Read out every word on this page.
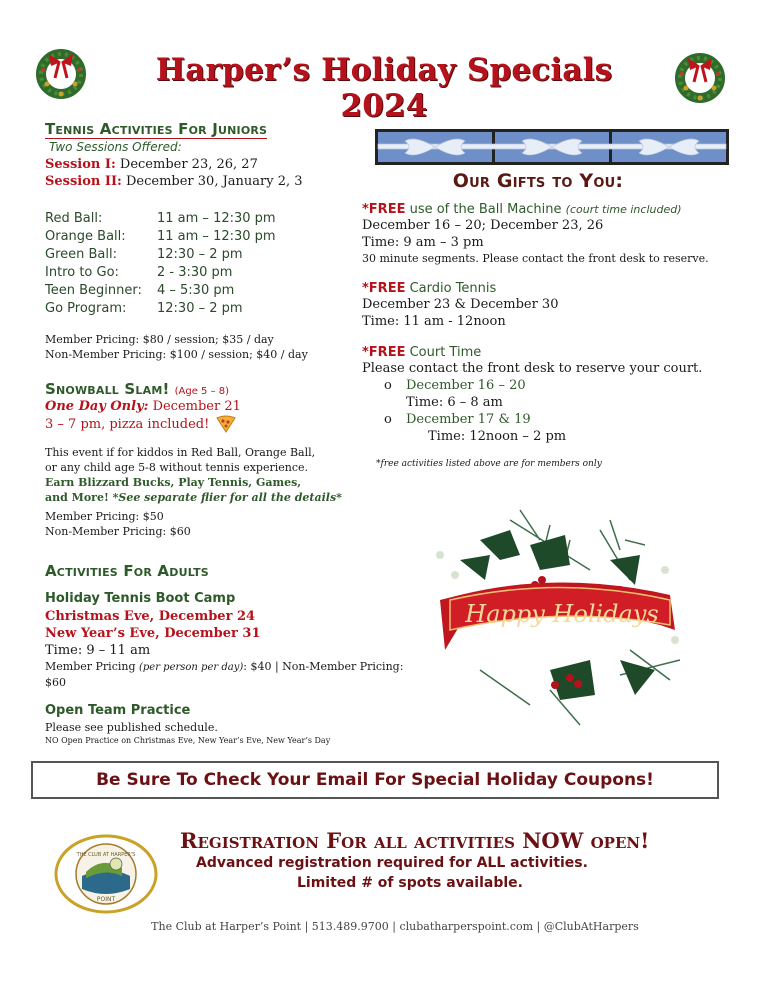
Harper’s Holiday Specials 2024
Tennis Activities For Juniors
Two Sessions Offered:
Session I: December 23, 26, 27
Session II: December 30, January 2, 3
Red Ball:	11 am – 12:30 pm
Orange Ball:	11 am – 12:30 pm
Green Ball:	12:30 – 2 pm
Intro to Go:	2 - 3:30 pm
Teen Beginner:	4 – 5:30 pm
Go Program:	12:30 – 2 pm
Member Pricing: $80 / session; $35 / day
Non-Member Pricing: $100 / session; $40 / day
Snowball Slam! (Age 5 – 8)
One Day Only: December 21
3 – 7 pm, pizza included!
This event if for kiddos in Red Ball, Orange Ball,
or any child age 5-8 without tennis experience.
Earn Blizzard Bucks, Play Tennis, Games,
and More! *See separate flier for all the details*
Member Pricing: $50
Non-Member Pricing: $60
Activities For Adults
Holiday Tennis Boot Camp
Christmas Eve, December 24
New Year’s Eve, December 31
Time: 9 – 11 am
Member Pricing (per person per day): $40 | Non-Member Pricing: $60
Open Team Practice
Please see published schedule.
NO Open Practice on Christmas Eve, New Year’s Eve, New Year’s Day
Our Gifts to You:
*FREE use of the Ball Machine (court time included)
December 16 – 20; December 23, 26
Time: 9 am – 3 pm
30 minute segments. Please contact the front desk to reserve.
*FREE Cardio Tennis
December 23 & December 30
Time: 11 am - 12noon
*FREE Court Time
Please contact the front desk to reserve your court.
o	December 16 – 20
Time: 6 – 8 am
o	December 17 & 19
Time: 12noon – 2 pm
*free activities listed above are for members only
Happy Holidays
Be Sure To Check Your Email For Special Holiday Coupons!
THE CLUB AT HARPER'S
POINT
Registration For all activities NOW open!
Advanced registration required for ALL activities.
Limited # of spots available.
The Club at Harper’s Point | 513.489.9700 | clubatharperspoint.com | @ClubAtHarpers
